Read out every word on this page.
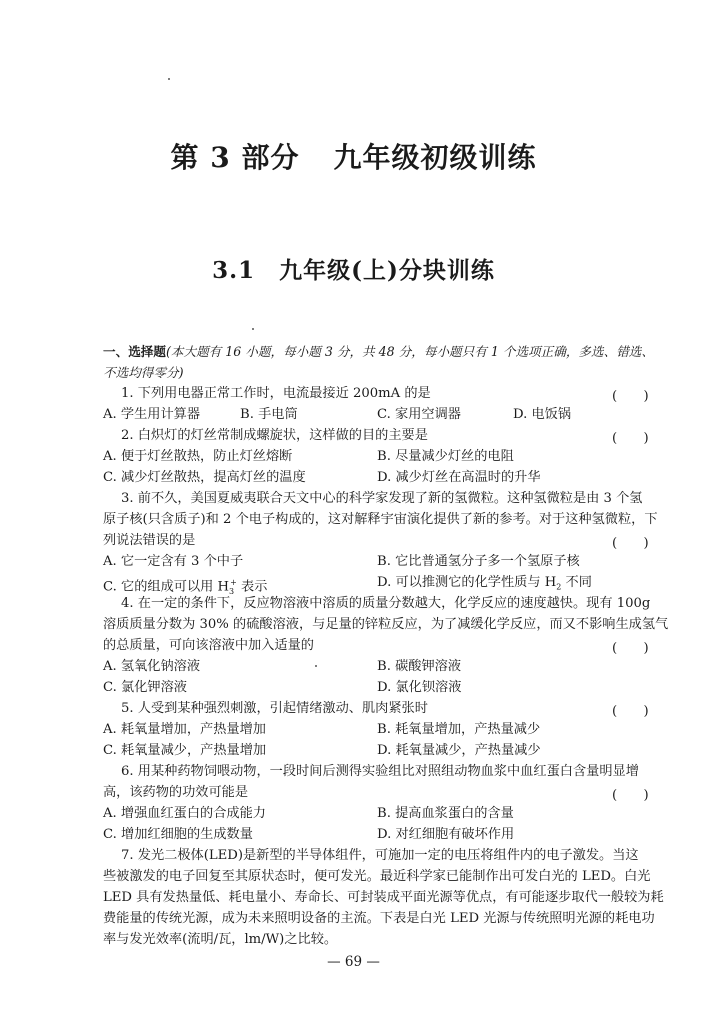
第 3 部分 九年级初级训练
3.1 九年级(上)分块训练
一、选择题(本大题有 16 小题，每小题 3 分，共 48 分，每小题只有 1 个选项正确，多选、错选、
不选均得零分)
1. 下列用电器正常工作时，电流最接近 200mA 的是	(　　)
A. 学生用计算器	B. 手电筒	C. 家用空调器	D. 电饭锅
2. 白炽灯的灯丝常制成螺旋状，这样做的目的主要是	(　　)
A. 便于灯丝散热，防止灯丝熔断	B. 尽量减少灯丝的电阻
C. 减少灯丝散热，提高灯丝的温度	D. 减少灯丝在高温时的升华
3. 前不久，美国夏威夷联合天文中心的科学家发现了新的氢微粒。这种氢微粒是由 3 个氢
原子核(只含质子)和 2 个电子构成的，这对解释宇宙演化提供了新的参考。对于这种氢微粒，下
列说法错误的是	(　　)
A. 它一定含有 3 个中子	B. 它比普通氢分子多一个氢原子核
C. 它的组成可以用 $H_3^+$ 表示	D. 可以推测它的化学性质与 $H_2$ 不同
4. 在一定的条件下，反应物溶液中溶质的质量分数越大，化学反应的速度越快。现有 100g
溶质质量分数为 30% 的硫酸溶液，与足量的锌粒反应，为了减缓化学反应，而又不影响生成氢气
的总质量，可向该溶液中加入适量的	(　　)
A. 氢氧化钠溶液	B. 碳酸钾溶液
C. 氯化钾溶液	D. 氯化钡溶液
5. 人受到某种强烈刺激，引起情绪激动、肌肉紧张时	(　　)
A. 耗氧量增加，产热量增加	B. 耗氧量增加，产热量减少
C. 耗氧量减少，产热量增加	D. 耗氧量减少，产热量减少
6. 用某种药物饲喂动物，一段时间后测得实验组比对照组动物血浆中血红蛋白含量明显增
高，该药物的功效可能是	(　　)
A. 增强血红蛋白的合成能力	B. 提高血浆蛋白的含量
C. 增加红细胞的生成数量	D. 对红细胞有破坏作用
7. 发光二极体(LED)是新型的半导体组件，可施加一定的电压将组件内的电子激发。当这
些被激发的电子回复至其原状态时，便可发光。最近科学家已能制作出可发白光的 LED。白光
LED 具有发热量低、耗电量小、寿命长、可封装成平面光源等优点，有可能逐步取代一般较为耗
费能量的传统光源，成为未来照明设备的主流。下表是白光 LED 光源与传统照明光源的耗电功
率与发光效率(流明/瓦，lm/W)之比较。
— 69 —
